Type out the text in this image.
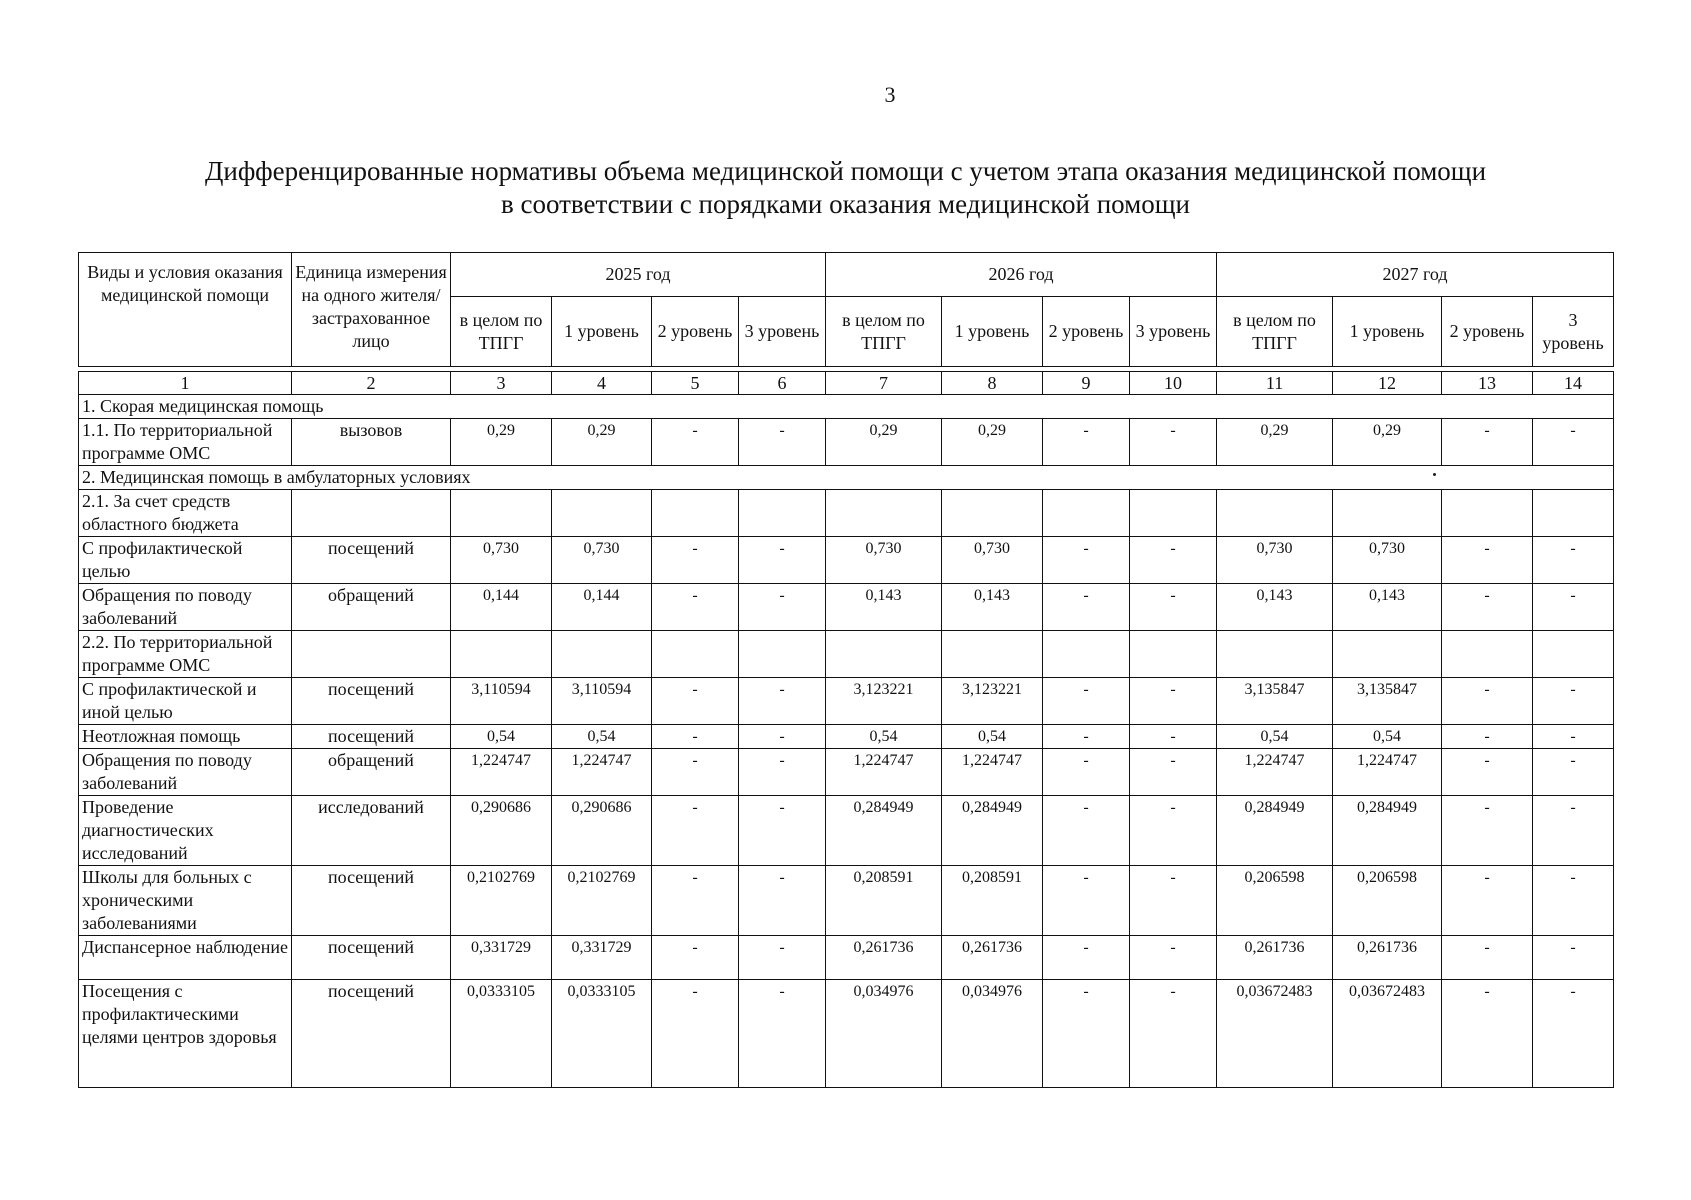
3
Дифференцированные нормативы объема медицинской помощи с учетом этапа оказания медицинской помощи
в соответствии с порядками оказания медицинской помощи
Виды и условия оказания медицинской помощи	Единица измерения на одного жителя/ застрахованное лицо	2025 год				2026 год				2027 год			
		в целом по ТПГГ	1 уровень	2 уровень	3 уровень	в целом по ТПГГ	1 уровень	2 уровень	3 уровень	в целом по ТПГГ	1 уровень	2 уровень	3 уровень

1	2	3	4	5	6	7	8	9	10	11	12	13	14
1. Скорая медицинская помощь													
1.1. По территориальной программе ОМС	вызовов	0,29	0,29	-	-	0,29	0,29	-	-	0,29	0,29	-	-
2. Медицинская помощь в амбулаторных условиях													
2.1. За счет средств областного бюджета													
С профилактической целью	посещений	0,730	0,730	-	-	0,730	0,730	-	-	0,730	0,730	-	-
Обращения по поводу заболеваний	обращений	0,144	0,144	-	-	0,143	0,143	-	-	0,143	0,143	-	-
2.2. По территориальной программе ОМС													
С профилактической и иной целью	посещений	3,110594	3,110594	-	-	3,123221	3,123221	-	-	3,135847	3,135847	-	-
Неотложная помощь	посещений	0,54	0,54	-	-	0,54	0,54	-	-	0,54	0,54	-	-
Обращения по поводу заболеваний	обращений	1,224747	1,224747	-	-	1,224747	1,224747	-	-	1,224747	1,224747	-	-
Проведение диагностических исследований	исследований	0,290686	0,290686	-	-	0,284949	0,284949	-	-	0,284949	0,284949	-	-
Школы для больных с хроническими заболеваниями	посещений	0,2102769	0,2102769	-	-	0,208591	0,208591	-	-	0,206598	0,206598	-	-
Диспансерное наблюдение	посещений	0,331729	0,331729	-	-	0,261736	0,261736	-	-	0,261736	0,261736	-	-
Посещения с профилактическими целями центров здоровья	посещений	0,0333105	0,0333105	-	-	0,034976	0,034976	-	-	0,03672483	0,03672483	-	-
